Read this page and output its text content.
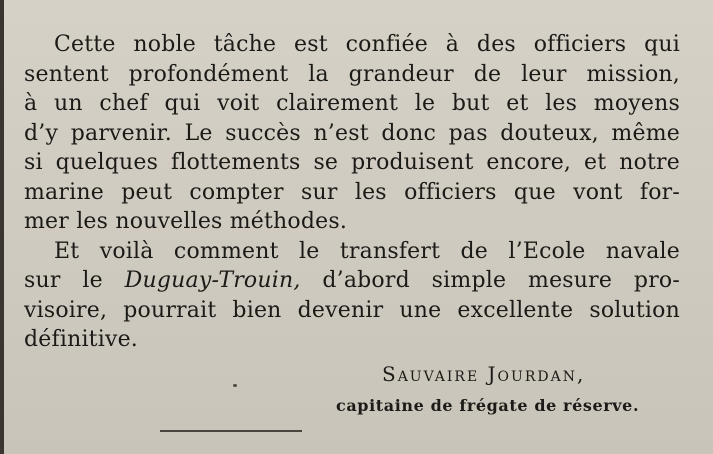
Cette noble tâche est confiée à des officiers qui
sentent profondément la grandeur de leur mission,
à un chef qui voit clairement le but et les moyens
d’y parvenir. Le succès n’est donc pas douteux, même
si quelques flottements se produisent encore, et notre
marine peut compter sur les officiers que vont for-
mer les nouvelles méthodes.
Et voilà comment le transfert de l’Ecole navale
sur le Duguay-Trouin, d’abord simple mesure pro-
visoire, pourrait bien devenir une excellente solution
définitive.
Sauvaire Jourdan,
capitaine de frégate de réserve.
